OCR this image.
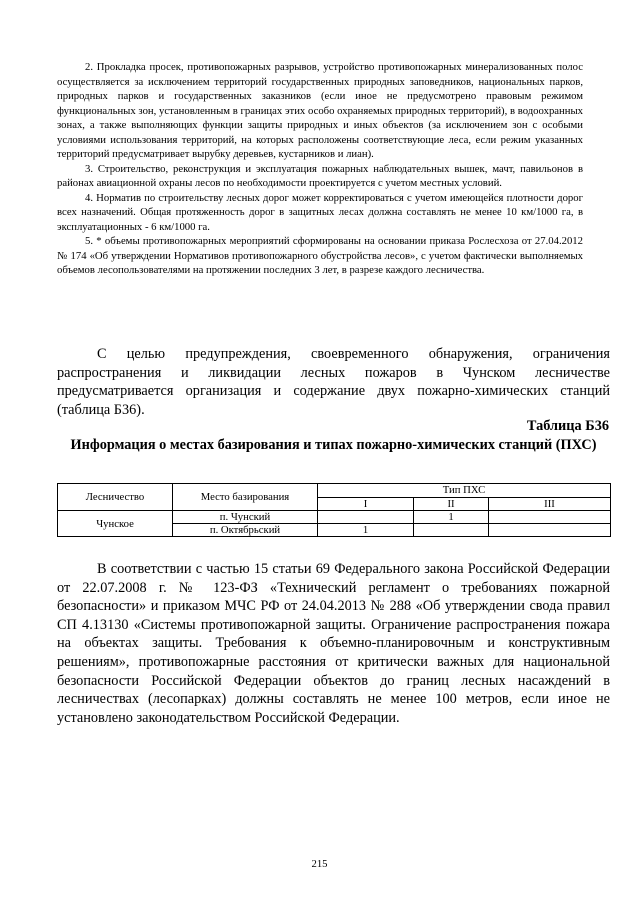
2. Прокладка просек, противопожарных разрывов, устройство противопожарных минерализованных полос осуществляется за исключением территорий государственных природных заповедников, национальных парков, природных парков и государственных заказников (если иное не предусмотрено правовым режимом функциональных зон, установленным в границах этих особо охраняемых природных территорий), в водоохранных зонах, а также выполняющих функции защиты природных и иных объектов (за исключением зон с особыми условиями использования территорий, на которых расположены соответствующие леса, если режим указанных территорий предусматривает вырубку деревьев, кустарников и лиан).

3. Строительство, реконструкция и эксплуатация пожарных наблюдательных вышек, мачт, павильонов в районах авиационной охраны лесов по необходимости проектируется с учетом местных условий.

4. Норматив по строительству лесных дорог может корректироваться с учетом имеющейся плотности дорог всех назначений. Общая протяженность дорог в защитных лесах должна составлять не менее 10 км/1000 га, в эксплуатационных - 6 км/1000 га.

5. * объемы противопожарных мероприятий сформированы на основании приказа Рослесхоза от 27.04.2012 № 174 «Об утверждении Нормативов противопожарного обустройства лесов», с учетом фактически выполняемых объемов лесопользователями на протяжении последних 3 лет, в разрезе каждого лесничества.

С целью предупреждения, своевременного обнаружения, ограничения распространения и ликвидации лесных пожаров в Чунском лесничестве предусматривается организация и содержание двух пожарно-химических станций (таблица Б36).

Таблица Б36
Информация о местах базирования и типах пожарно-химических станций (ПХС)
Лесничество	Место базирования	Тип ПХС		
		I	II	III
Чунское	п. Чунский		1	
	п. Октябрьский	1		

В соответствии с частью 15 статьи 69 Федерального закона Российской Федерации от 22.07.2008 г. № 123-ФЗ «Технический регламент о требованиях пожарной безопасности» и приказом МЧС РФ от 24.04.2013 № 288 «Об утверждении свода правил СП 4.13130 «Системы противопожарной защиты. Ограничение распространения пожара на объектах защиты. Требования к объемно-планировочным и конструктивным решениям», противопожарные расстояния от критически важных для национальной безопасности Российской Федерации объектов до границ лесных насаждений в лесничествах (лесопарках) должны составлять не менее 100 метров, если иное не установлено законодательством Российской Федерации.

215
